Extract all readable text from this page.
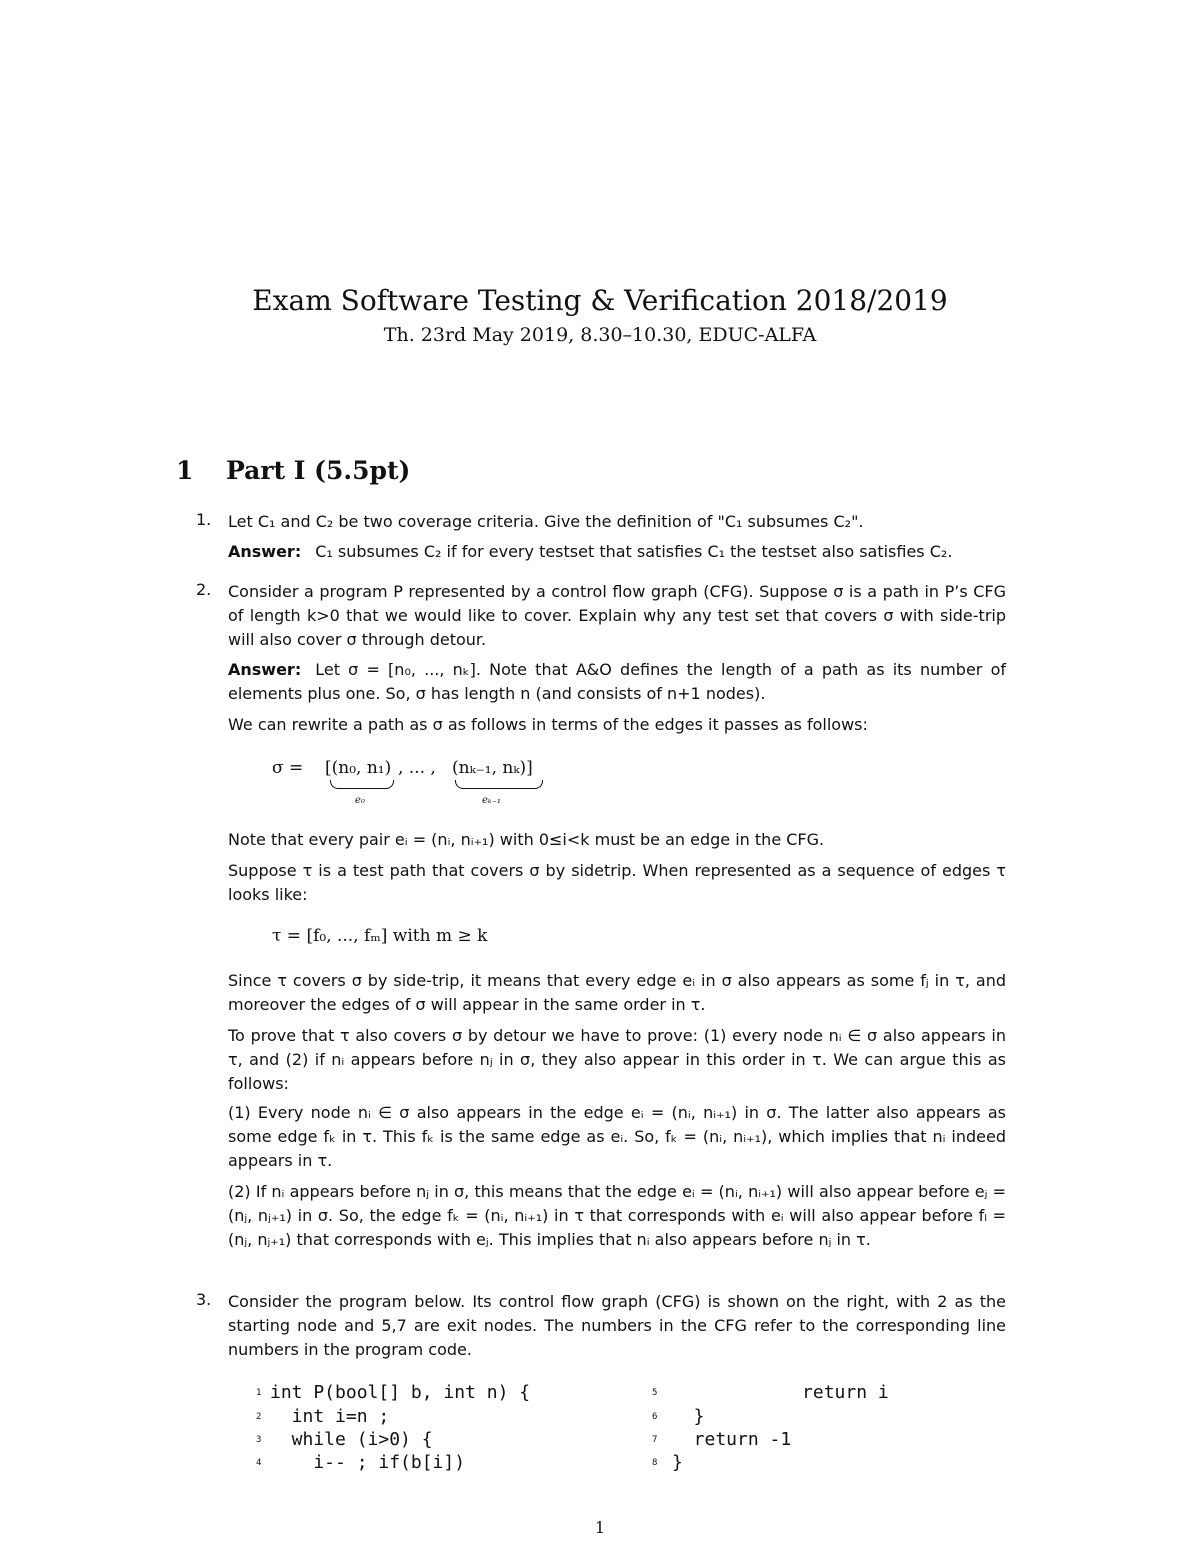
Exam Software Testing & Verification 2018/2019
Th. 23rd May 2019, 8.30–10.30, EDUC-ALFA
1 Part I (5.5pt)
1. Let C₁ and C₂ be two coverage criteria. Give the definition of "C₁ subsumes C₂".
Answer: C₁ subsumes C₂ if for every testset that satisfies C₁ the testset also satisfies C₂.
2. Consider a program P represented by a control flow graph (CFG). Suppose σ is a path in P’s CFG of length k>0 that we would like to cover. Explain why any test set that covers σ with side-trip will also cover σ through detour.
Answer: Let σ = [n₀, ..., nₖ]. Note that A&O defines the length of a path as its number of elements plus one. So, σ has length n (and consists of n+1 nodes).
We can rewrite a path as σ as follows in terms of the edges it passes as follows:
σ = [(n₀, n₁) , ... , (nₖ₋₁, nₖ)]
e₀	eₖ₋₁
Note that every pair eᵢ = (nᵢ, nᵢ₊₁) with 0≤i<k must be an edge in the CFG.
Suppose τ is a test path that covers σ by sidetrip. When represented as a sequence of edges τ looks like:
τ = [f₀, ..., fₘ] with m ≥ k
Since τ covers σ by side-trip, it means that every edge eᵢ in σ also appears as some fⱼ in τ, and moreover the edges of σ will appear in the same order in τ.
To prove that τ also covers σ by detour we have to prove: (1) every node nᵢ ∈ σ also appears in τ, and (2) if nᵢ appears before nⱼ in σ, they also appear in this order in τ. We can argue this as follows:
(1) Every node nᵢ ∈ σ also appears in the edge eᵢ = (nᵢ, nᵢ₊₁) in σ. The latter also appears as some edge fₖ in τ. This fₖ is the same edge as eᵢ. So, fₖ = (nᵢ, nᵢ₊₁), which implies that nᵢ indeed appears in τ.
(2) If nᵢ appears before nⱼ in σ, this means that the edge eᵢ = (nᵢ, nᵢ₊₁) will also appear before eⱼ = (nⱼ, nⱼ₊₁) in σ. So, the edge fₖ = (nᵢ, nᵢ₊₁) in τ that corresponds with eᵢ will also appear before fₗ = (nⱼ, nⱼ₊₁) that corresponds with eⱼ. This implies that nᵢ also appears before nⱼ in τ.
3. Consider the program below. Its control flow graph (CFG) is shown on the right, with 2 as the starting node and 5,7 are exit nodes. The numbers in the CFG refer to the corresponding line numbers in the program code.
1 int P(bool[] b, int n) {
2 int i=n ;
3 while (i>0) {
4 i-- ; if(b[i])
5 return i
6 }
7 return -1
8 }
1
